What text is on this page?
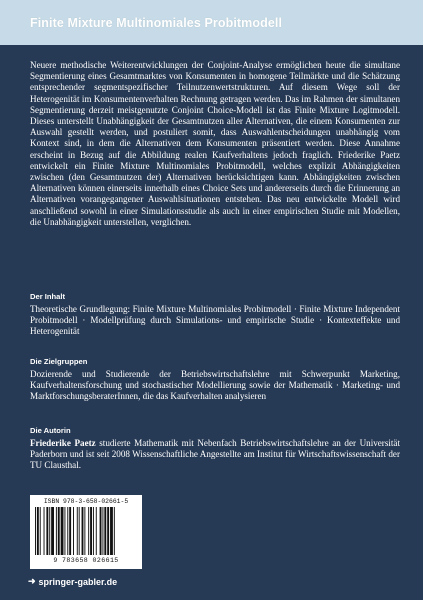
Finite Mixture Multinomiales Probitmodell
Neuere methodische Weiterentwicklungen der Conjoint-Analyse ermöglichen heute die simultane Segmentierung eines Gesamtmarktes von Konsumenten in homogene Teilmärkte und die Schätzung entsprechender segmentspezifischer Teilnutzenwertstrukturen. Auf diesem Wege soll der Heterogenität im Konsumentenverhalten Rechnung getragen werden. Das im Rahmen der simultanen Segmentierung derzeit meistgenutzte Conjoint Choice-Modell ist das Finite Mixture Logitmodell. Dieses unterstellt Unabhängigkeit der Gesamtnutzen aller Alternativen, die einem Konsumenten zur Auswahl gestellt werden, und postuliert somit, dass Auswahlentscheidungen unabhängig vom Kontext sind, in dem die Alternativen dem Konsumenten präsentiert werden. Diese Annahme erscheint in Bezug auf die Abbildung realen Kaufverhaltens jedoch fraglich. Friederike Paetz entwickelt ein Finite Mixture Multinomiales Probitmodell, welches explizit Abhängigkeiten zwischen (den Gesamtnutzen der) Alternativen berücksichtigen kann. Abhängigkeiten zwischen Alternativen können einerseits innerhalb eines Choice Sets und andererseits durch die Erinnerung an Alternativen vorangegangener Auswahlsituationen entstehen. Das neu entwickelte Modell wird anschließend sowohl in einer Simulationsstudie als auch in einer empirischen Studie mit Modellen, die Unabhängigkeit unterstellen, verglichen.
Der Inhalt
Theoretische Grundlegung: Finite Mixture Multinomiales Probitmodell · Finite Mixture Independent Probitmodell · Modellprüfung durch Simulations- und empirische Studie · Kontexteffekte und Heterogenität
Die Zielgruppen
Dozierende und Studierende der Betriebswirtschaftslehre mit Schwerpunkt Marketing, Kaufverhaltensforschung und stochastischer Modellierung sowie der Mathematik · Marketing- und MarktforschungsberaterInnen, die das Kaufverhalten analysieren
Die Autorin
Friederike Paetz studierte Mathematik mit Nebenfach Betriebswirtschaftslehre an der Universität Paderborn und ist seit 2008 Wissenschaftliche Angestellte am Institut für Wirtschaftswissenschaft der TU Clausthal.
ISBN 978-3-658-02661-5
9 783658 026615
➜ springer-gabler.de
